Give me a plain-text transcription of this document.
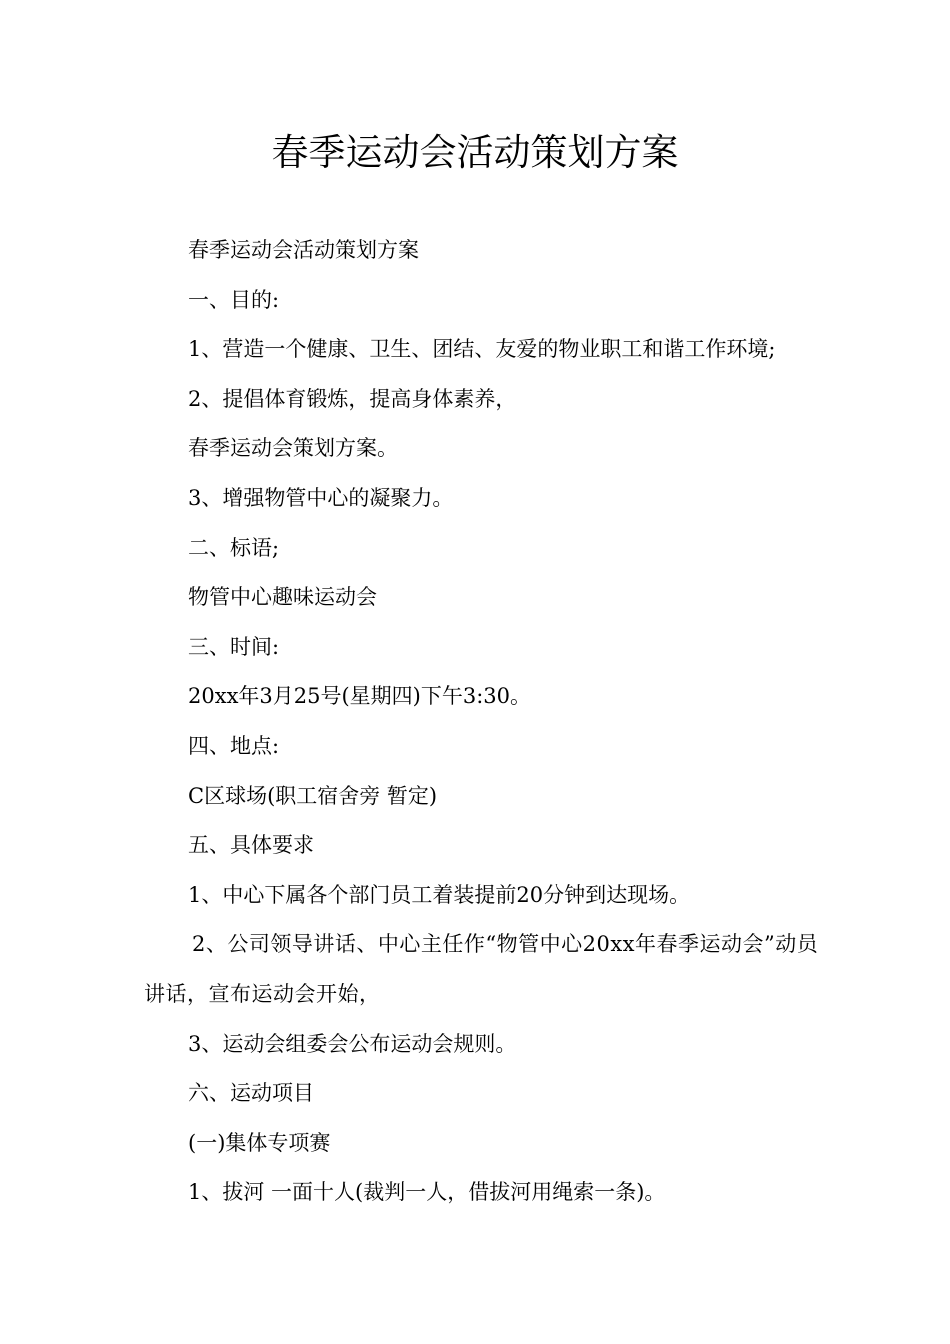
春季运动会活动策划方案

春季运动会活动策划方案

一、目的:

1、营造一个健康、卫生、团结、友爱的物业职工和谐工作环境;

2、提倡体育锻炼，提高身体素养，

春季运动会策划方案。

3、增强物管中心的凝聚力。

二、标语;

物管中心趣味运动会

三、时间:

20xx年3月25号(星期四)下午3:30。

四、地点:

C区球场(职工宿舍旁 暂定)

五、具体要求

1、中心下属各个部门员工着装提前20分钟到达现场。

2、公司领导讲话、中心主任作“物管中心20xx年春季运动会”动员讲话，宣布运动会开始，

3、运动会组委会公布运动会规则。

六、运动项目

(一)集体专项赛

1、拔河 一面十人(裁判一人，借拔河用绳索一条)。
